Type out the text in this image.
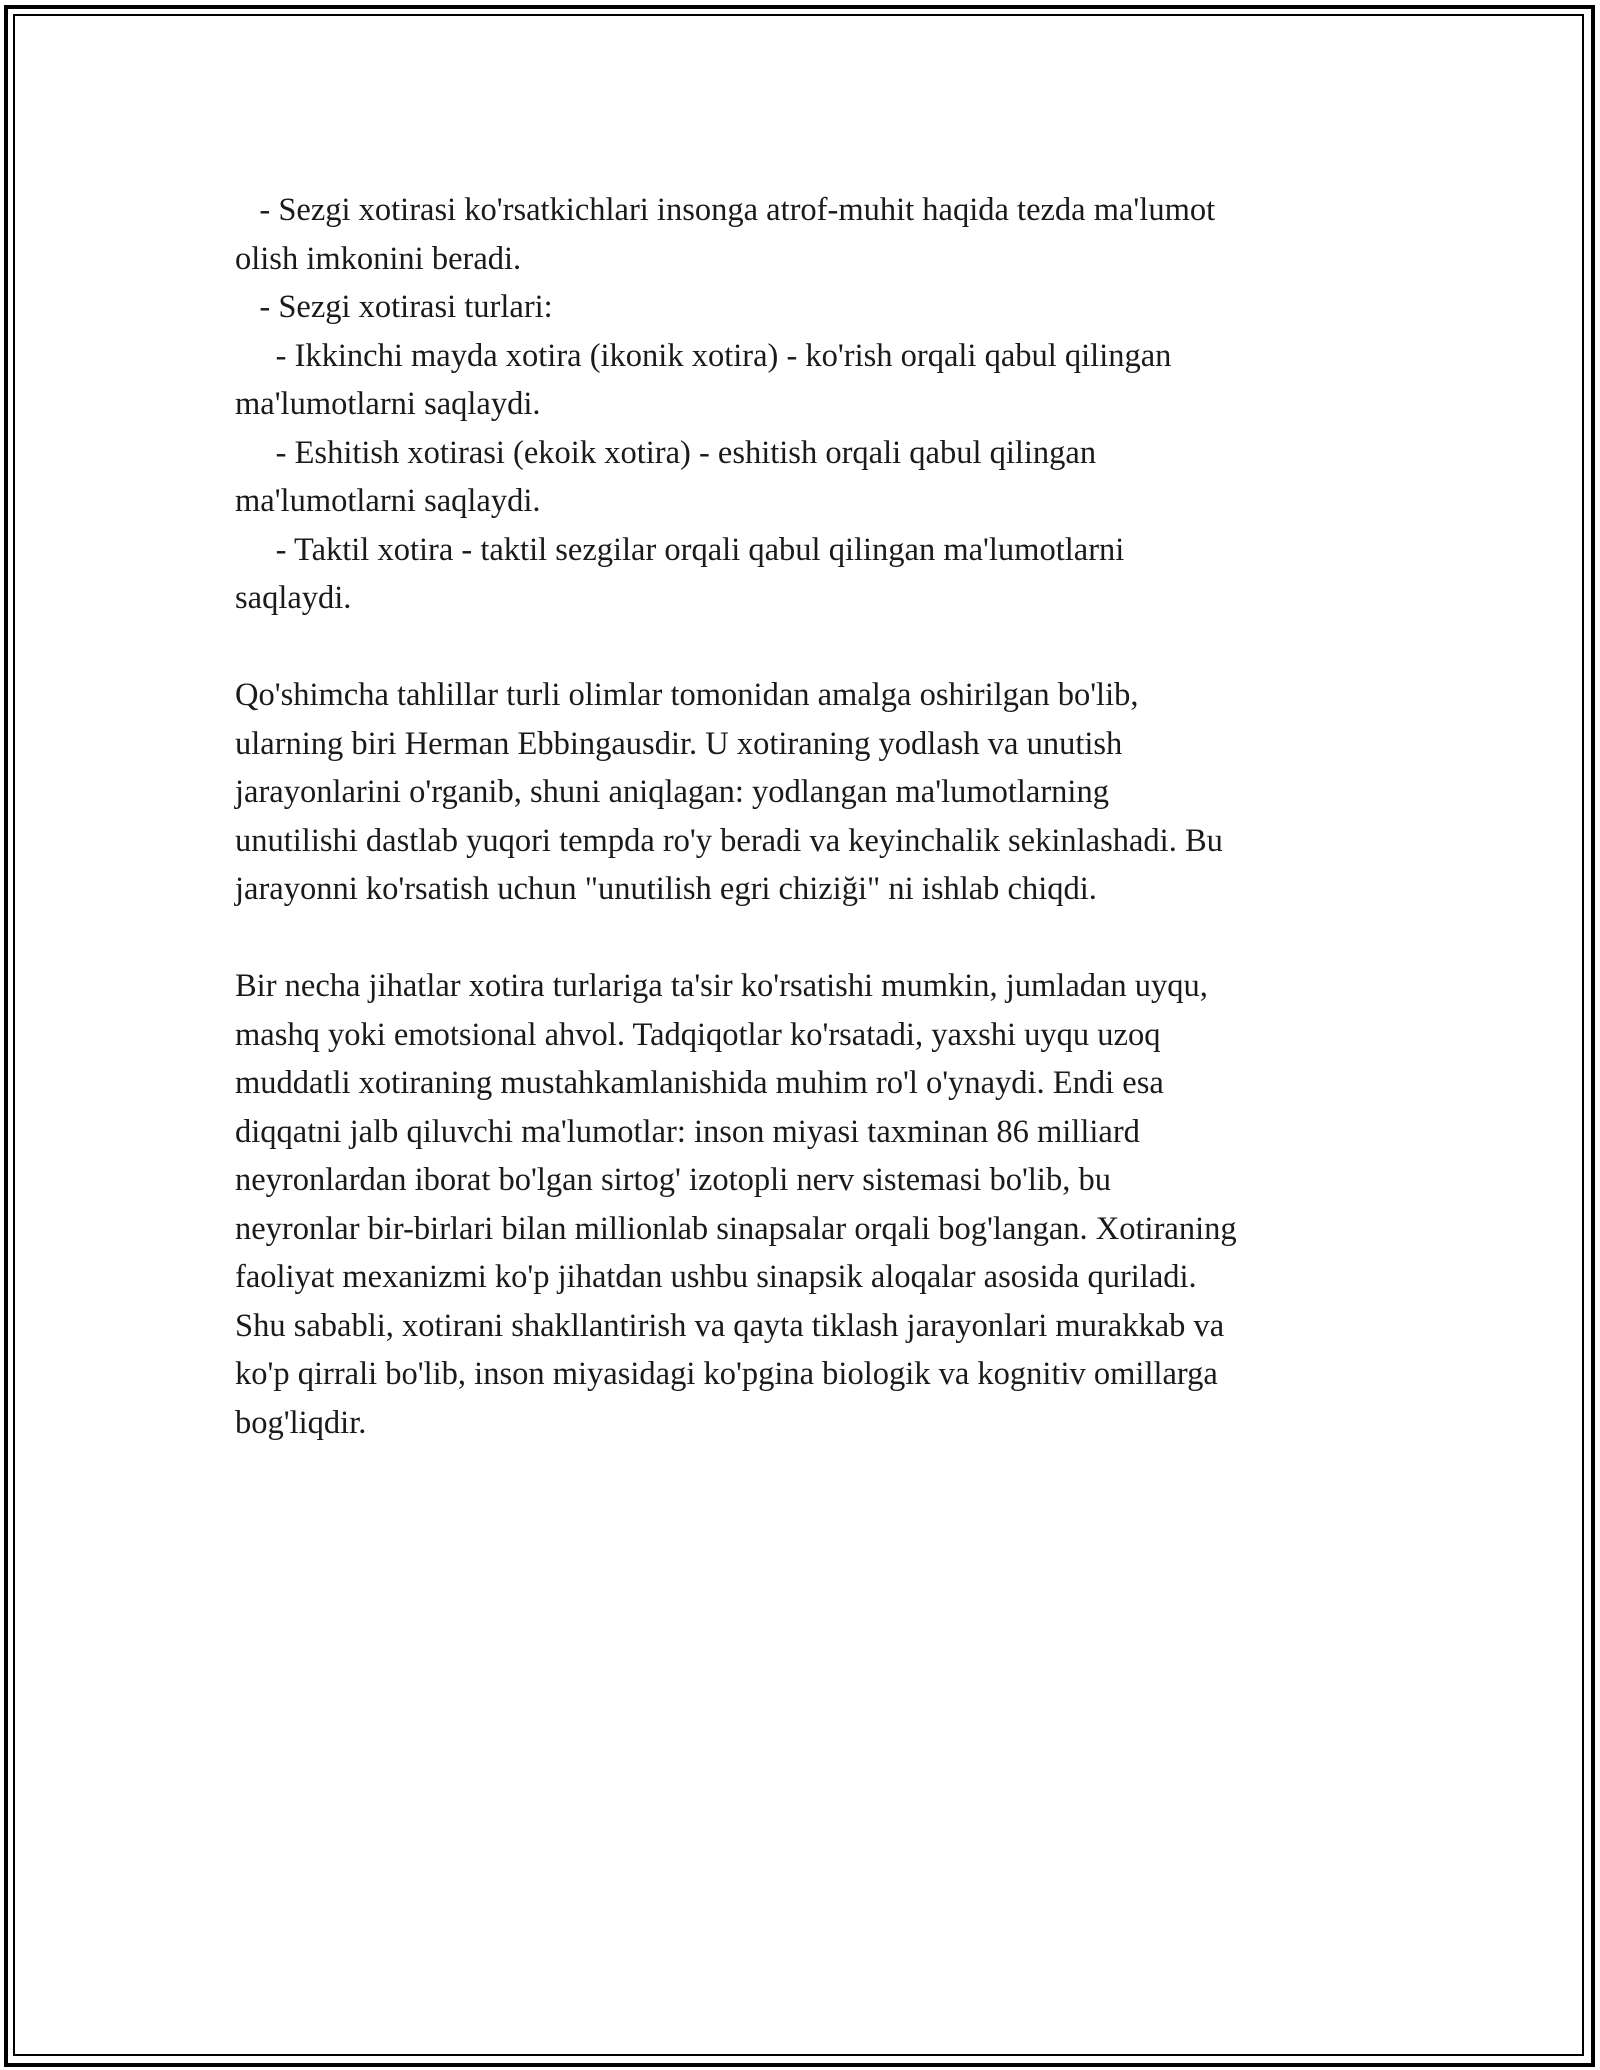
- Sezgi xotirasi ko'rsatkichlari insonga atrof-muhit haqida tezda ma'lumot
olish imkonini beradi.
- Sezgi xotirasi turlari:
- Ikkinchi mayda xotira (ikonik xotira) - ko'rish orqali qabul qilingan
ma'lumotlarni saqlaydi.
- Eshitish xotirasi (ekoik xotira) - eshitish orqali qabul qilingan
ma'lumotlarni saqlaydi.
- Taktil xotira - taktil sezgilar orqali qabul qilingan ma'lumotlarni
saqlaydi.
Qo'shimcha tahlillar turli olimlar tomonidan amalga oshirilgan bo'lib,
ularning biri Herman Ebbingausdir. U xotiraning yodlash va unutish
jarayonlarini o'rganib, shuni aniqlagan: yodlangan ma'lumotlarning
unutilishi dastlab yuqori tempda ro'y beradi va keyinchalik sekinlashadi. Bu
jarayonni ko'rsatish uchun "unutilish egri chiziği" ni ishlab chiqdi.
Bir necha jihatlar xotira turlariga ta'sir ko'rsatishi mumkin, jumladan uyqu,
mashq yoki emotsional ahvol. Tadqiqotlar ko'rsatadi, yaxshi uyqu uzoq
muddatli xotiraning mustahkamlanishida muhim ro'l o'ynaydi. Endi esa
diqqatni jalb qiluvchi ma'lumotlar: inson miyasi taxminan 86 milliard
neyronlardan iborat bo'lgan sirtog' izotopli nerv sistemasi bo'lib, bu
neyronlar bir-birlari bilan millionlab sinapsalar orqali bog'langan. Xotiraning
faoliyat mexanizmi ko'p jihatdan ushbu sinapsik aloqalar asosida quriladi.
Shu sababli, xotirani shakllantirish va qayta tiklash jarayonlari murakkab va
ko'p qirrali bo'lib, inson miyasidagi ko'pgina biologik va kognitiv omillarga
bog'liqdir.
